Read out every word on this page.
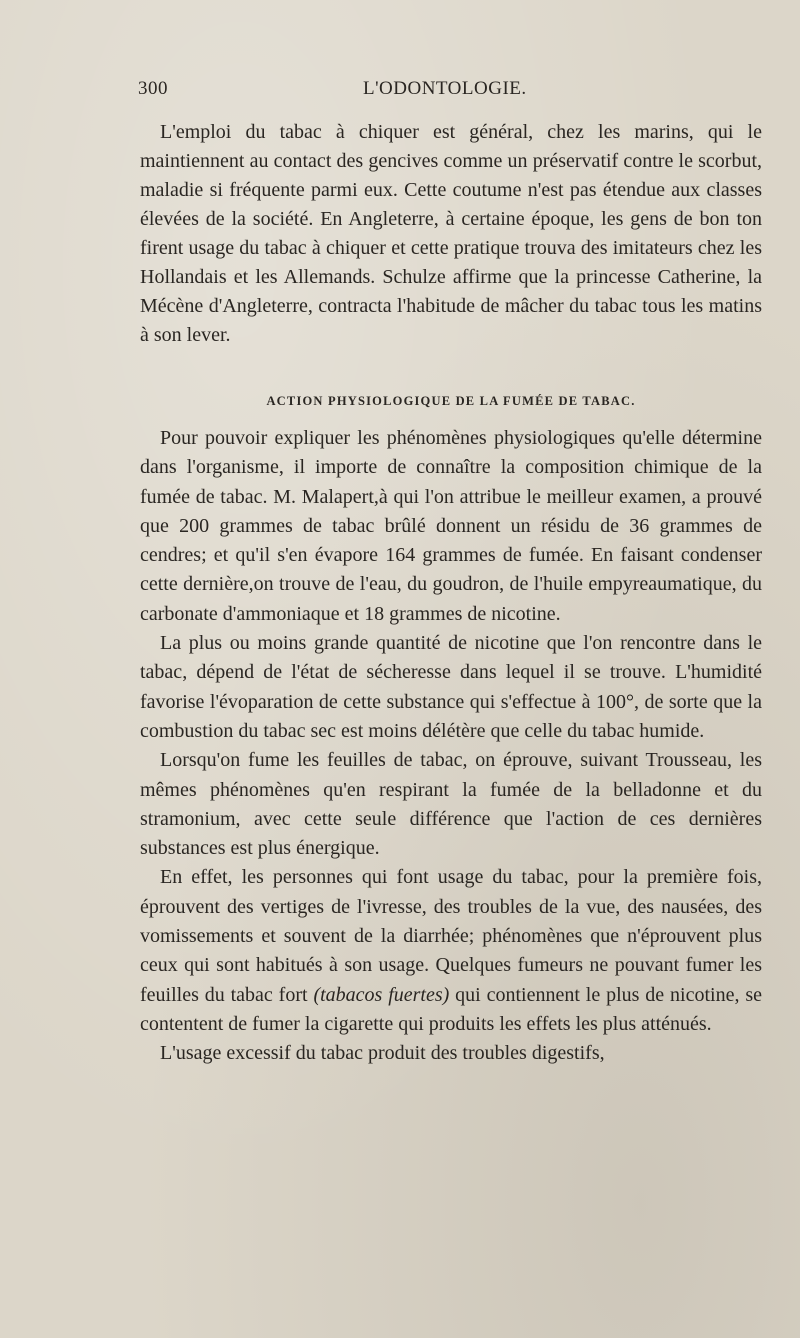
300	L'ODONTOLOGIE.

L'emploi du tabac à chiquer est général, chez les marins, qui le maintiennent au contact des gencives comme un préservatif contre le scorbut, maladie si fréquente parmi eux. Cette coutume n'est pas étendue aux classes élevées de la société. En Angleterre, à certaine époque, les gens de bon ton firent usage du tabac à chiquer et cette pratique trouva des imitateurs chez les Hollandais et les Allemands. Schulze affirme que la princesse Catherine, la Mécène d'Angleterre, contracta l'habitude de mâcher du tabac tous les matins à son lever.

ACTION PHYSIOLOGIQUE DE LA FUMÉE DE TABAC.

Pour pouvoir expliquer les phénomènes physiologiques qu'elle détermine dans l'organisme, il importe de connaître la composition chimique de la fumée de tabac. M. Malapert,à qui l'on attribue le meilleur examen, a prouvé que 200 grammes de tabac brûlé donnent un résidu de 36 grammes de cendres; et qu'il s'en évapore 164 grammes de fumée. En faisant condenser cette dernière,on trouve de l'eau, du goudron, de l'huile empyreaumatique, du carbonate d'ammoniaque et 18 grammes de nicotine.

La plus ou moins grande quantité de nicotine que l'on rencontre dans le tabac, dépend de l'état de sécheresse dans lequel il se trouve. L'humidité favorise l'évoparation de cette substance qui s'effectue à 100°, de sorte que la combustion du tabac sec est moins délétère que celle du tabac humide.

Lorsqu'on fume les feuilles de tabac, on éprouve, suivant Trousseau, les mêmes phénomènes qu'en respirant la fumée de la belladonne et du stramonium, avec cette seule différence que l'action de ces dernières substances est plus énergique.

En effet, les personnes qui font usage du tabac, pour la première fois, éprouvent des vertiges de l'ivresse, des troubles de la vue, des nausées, des vomissements et souvent de la diarrhée; phénomènes que n'éprouvent plus ceux qui sont habitués à son usage. Quelques fumeurs ne pouvant fumer les feuilles du tabac fort (tabacos fuertes) qui contiennent le plus de nicotine, se contentent de fumer la cigarette qui produits les effets les plus atténués.

L'usage excessif du tabac produit des troubles digestifs,
